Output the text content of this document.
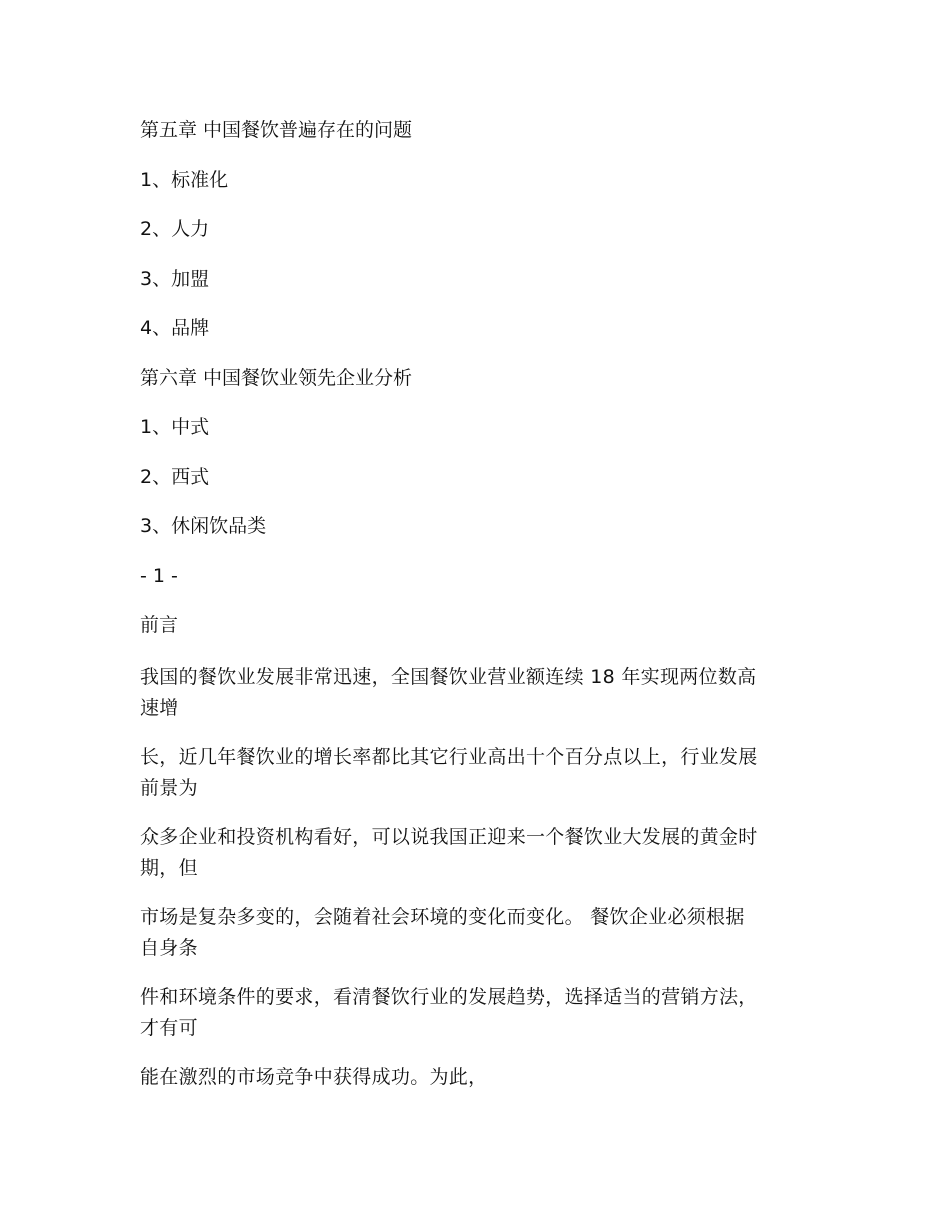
第五章 中国餐饮普遍存在的问题
1、标准化
2、人力
3、加盟
4、品牌
第六章 中国餐饮业领先企业分析
1、中式
2、西式
3、休闲饮品类
- 1 -
前言
我国的餐饮业发展非常迅速，全国餐饮业营业额连续 18 年实现两位数高
速增
长，近几年餐饮业的增长率都比其它行业高出十个百分点以上，行业发展
前景为
众多企业和投资机构看好，可以说我国正迎来一个餐饮业大发展的黄金时
期，但
市场是复杂多变的，会随着社会环境的变化而变化。 餐饮企业必须根据
自身条
件和环境条件的要求，看清餐饮行业的发展趋势，选择适当的营销方法，
才有可
能在激烈的市场竞争中获得成功。为此，
